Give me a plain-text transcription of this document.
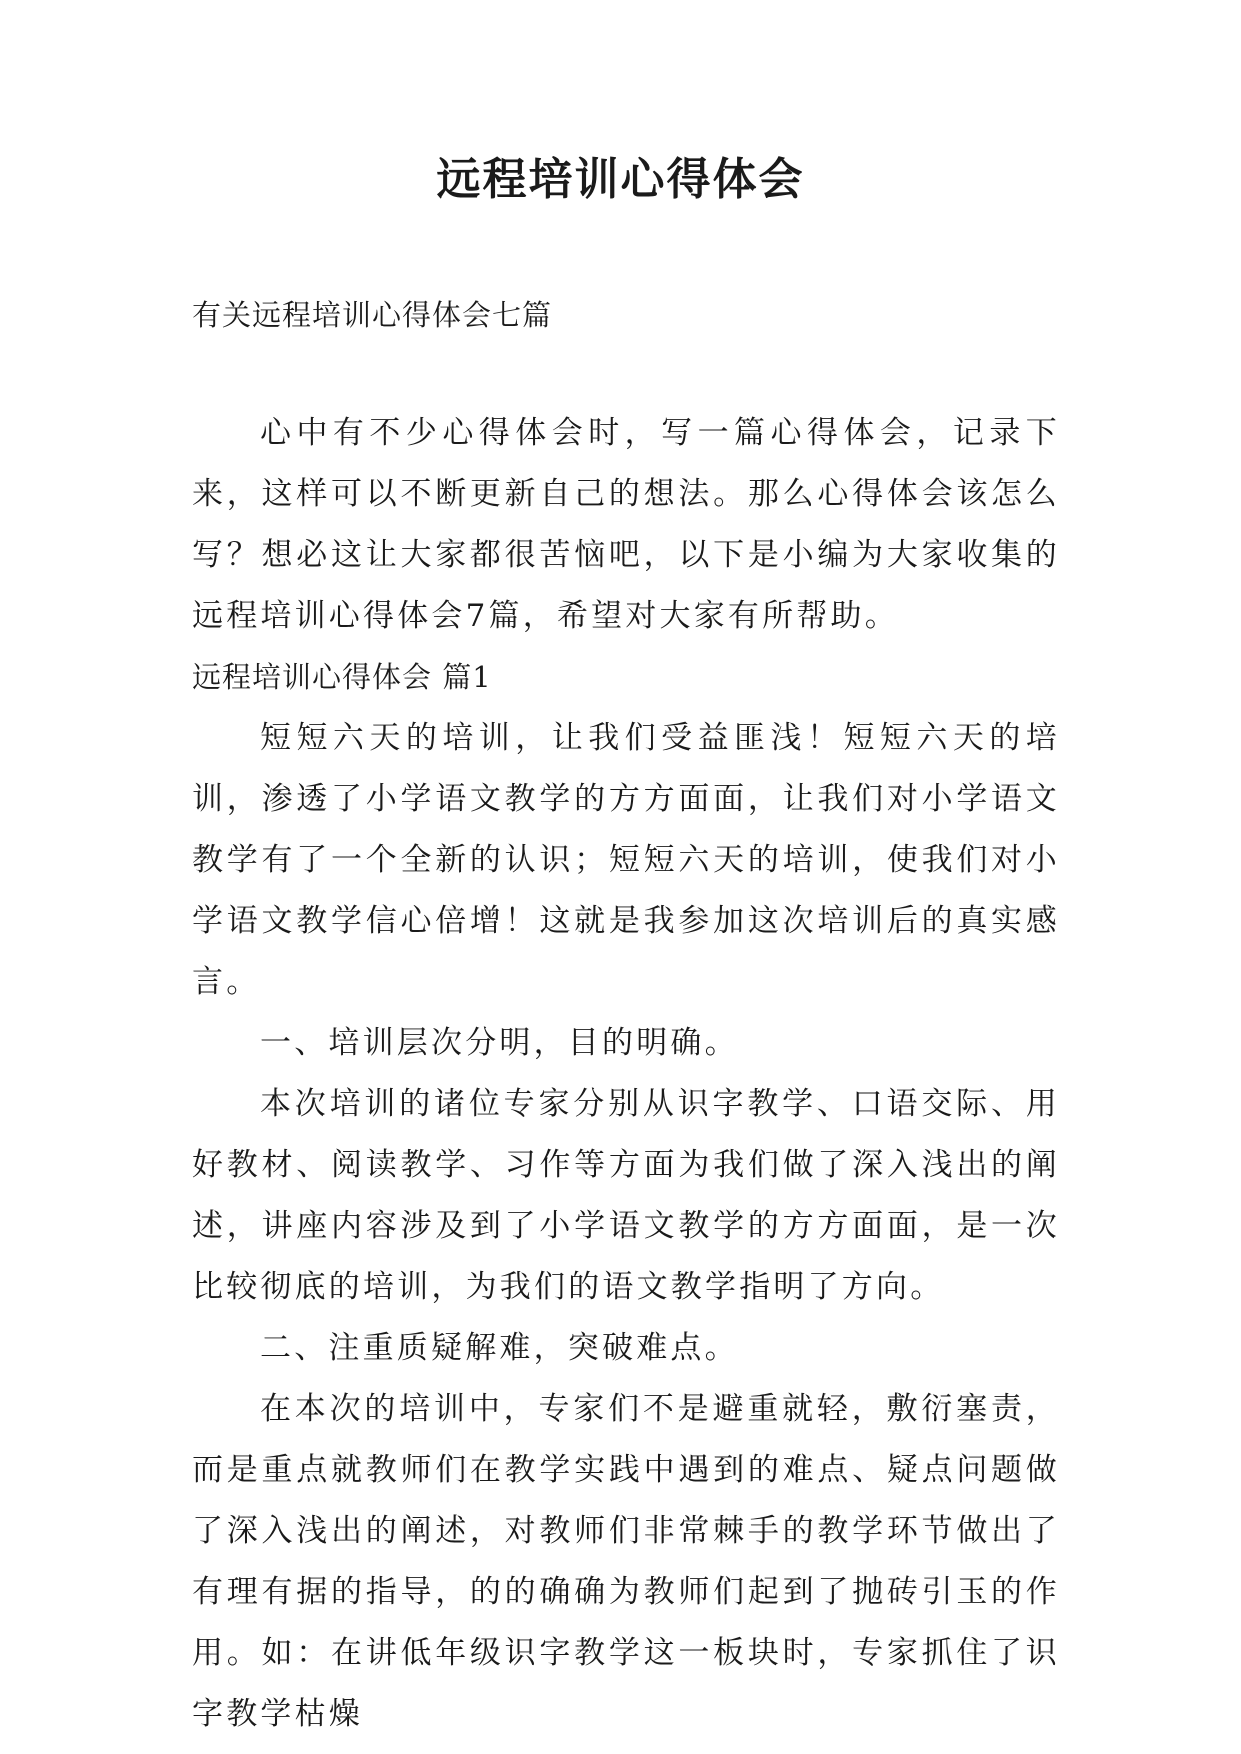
远程培训心得体会
有关远程培训心得体会七篇

心中有不少心得体会时，写一篇心得体会，记录下来，这样可以不断更新自己的想法。那么心得体会该怎么写？想必这让大家都很苦恼吧，以下是小编为大家收集的远程培训心得体会7篇，希望对大家有所帮助。

远程培训心得体会 篇1

短短六天的培训，让我们受益匪浅！短短六天的培训，渗透了小学语文教学的方方面面，让我们对小学语文教学有了一个全新的认识；短短六天的培训，使我们对小学语文教学信心倍增！这就是我参加这次培训后的真实感言。

一、培训层次分明，目的明确。

本次培训的诸位专家分别从识字教学、口语交际、用好教材、阅读教学、习作等方面为我们做了深入浅出的阐述，讲座内容涉及到了小学语文教学的方方面面，是一次比较彻底的培训，为我们的语文教学指明了方向。

二、注重质疑解难，突破难点。

在本次的培训中，专家们不是避重就轻，敷衍塞责，而是重点就教师们在教学实践中遇到的难点、疑点问题做了深入浅出的阐述，对教师们非常棘手的教学环节做出了有理有据的指导，的的确确为教师们起到了抛砖引玉的作用。如：在讲低年级识字教学这一板块时，专家抓住了识字教学枯燥
